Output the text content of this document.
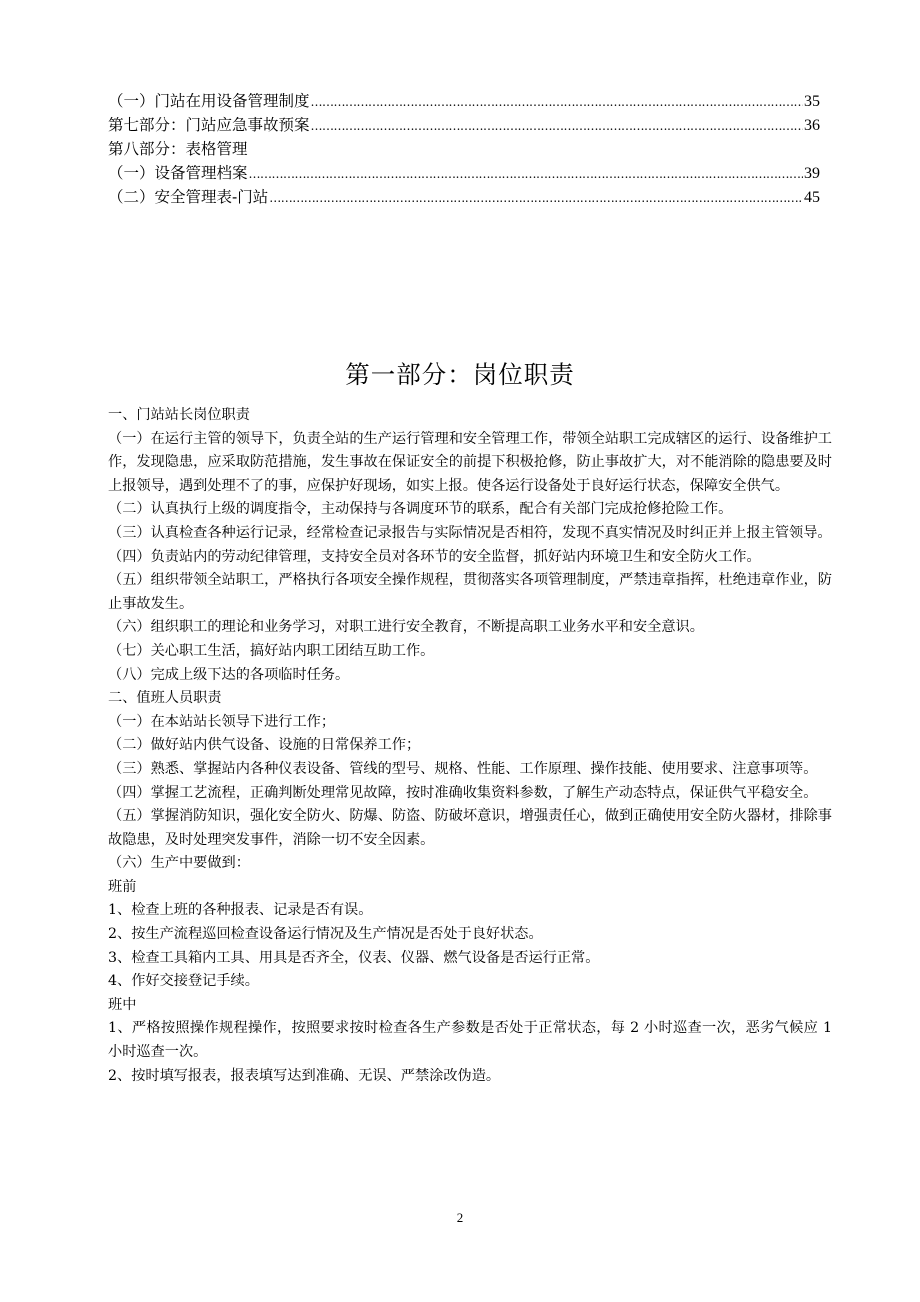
（一）门站在用设备管理制度 …………………………………………………………………………………………………………………………………………………………………………………………………………………………………………………	35
第七部分：门站应急事故预案 …………………………………………………………………………………………………………………………………………………………………………………………………………………………………………………	36
第八部分：表格管理
（一）设备管理档案 …………………………………………………………………………………………………………………………………………………………………………………………………………………………………………………	39
（二）安全管理表-门站 …………………………………………………………………………………………………………………………………………………………………………………………………………………………………………………	45
第一部分：岗位职责
一、门站站长岗位职责
（一）在运行主管的领导下，负责全站的生产运行管理和安全管理工作，带领全站职工完成辖区的运行、设备维护工作，发现隐患，应采取防范措施，发生事故在保证安全的前提下积极抢修，防止事故扩大，对不能消除的隐患要及时上报领导，遇到处理不了的事，应保护好现场，如实上报。使各运行设备处于良好运行状态，保障安全供气。
（二）认真执行上级的调度指令，主动保持与各调度环节的联系，配合有关部门完成抢修抢险工作。
（三）认真检查各种运行记录，经常检查记录报告与实际情况是否相符，发现不真实情况及时纠正并上报主管领导。
（四）负责站内的劳动纪律管理，支持安全员对各环节的安全监督，抓好站内环境卫生和安全防火工作。
（五）组织带领全站职工，严格执行各项安全操作规程，贯彻落实各项管理制度，严禁违章指挥，杜绝违章作业，防止事故发生。
（六）组织职工的理论和业务学习，对职工进行安全教育，不断提高职工业务水平和安全意识。
（七）关心职工生活，搞好站内职工团结互助工作。
（八）完成上级下达的各项临时任务。
二、值班人员职责
（一）在本站站长领导下进行工作；
（二）做好站内供气设备、设施的日常保养工作；
（三）熟悉、掌握站内各种仪表设备、管线的型号、规格、性能、工作原理、操作技能、使用要求、注意事项等。
（四）掌握工艺流程，正确判断处理常见故障，按时准确收集资料参数，了解生产动态特点，保证供气平稳安全。
（五）掌握消防知识，强化安全防火、防爆、防盗、防破坏意识，增强责任心，做到正确使用安全防火器材，排除事故隐患，及时处理突发事件，消除一切不安全因素。
（六）生产中要做到：
班前
1、检查上班的各种报表、记录是否有误。
2、按生产流程巡回检查设备运行情况及生产情况是否处于良好状态。
3、检查工具箱内工具、用具是否齐全，仪表、仪器、燃气设备是否运行正常。
4、作好交接登记手续。
班中
1、严格按照操作规程操作，按照要求按时检查各生产参数是否处于正常状态，每 2 小时巡查一次，恶劣气候应 1 小时巡查一次。
2、按时填写报表，报表填写达到准确、无误、严禁涂改伪造。
2
